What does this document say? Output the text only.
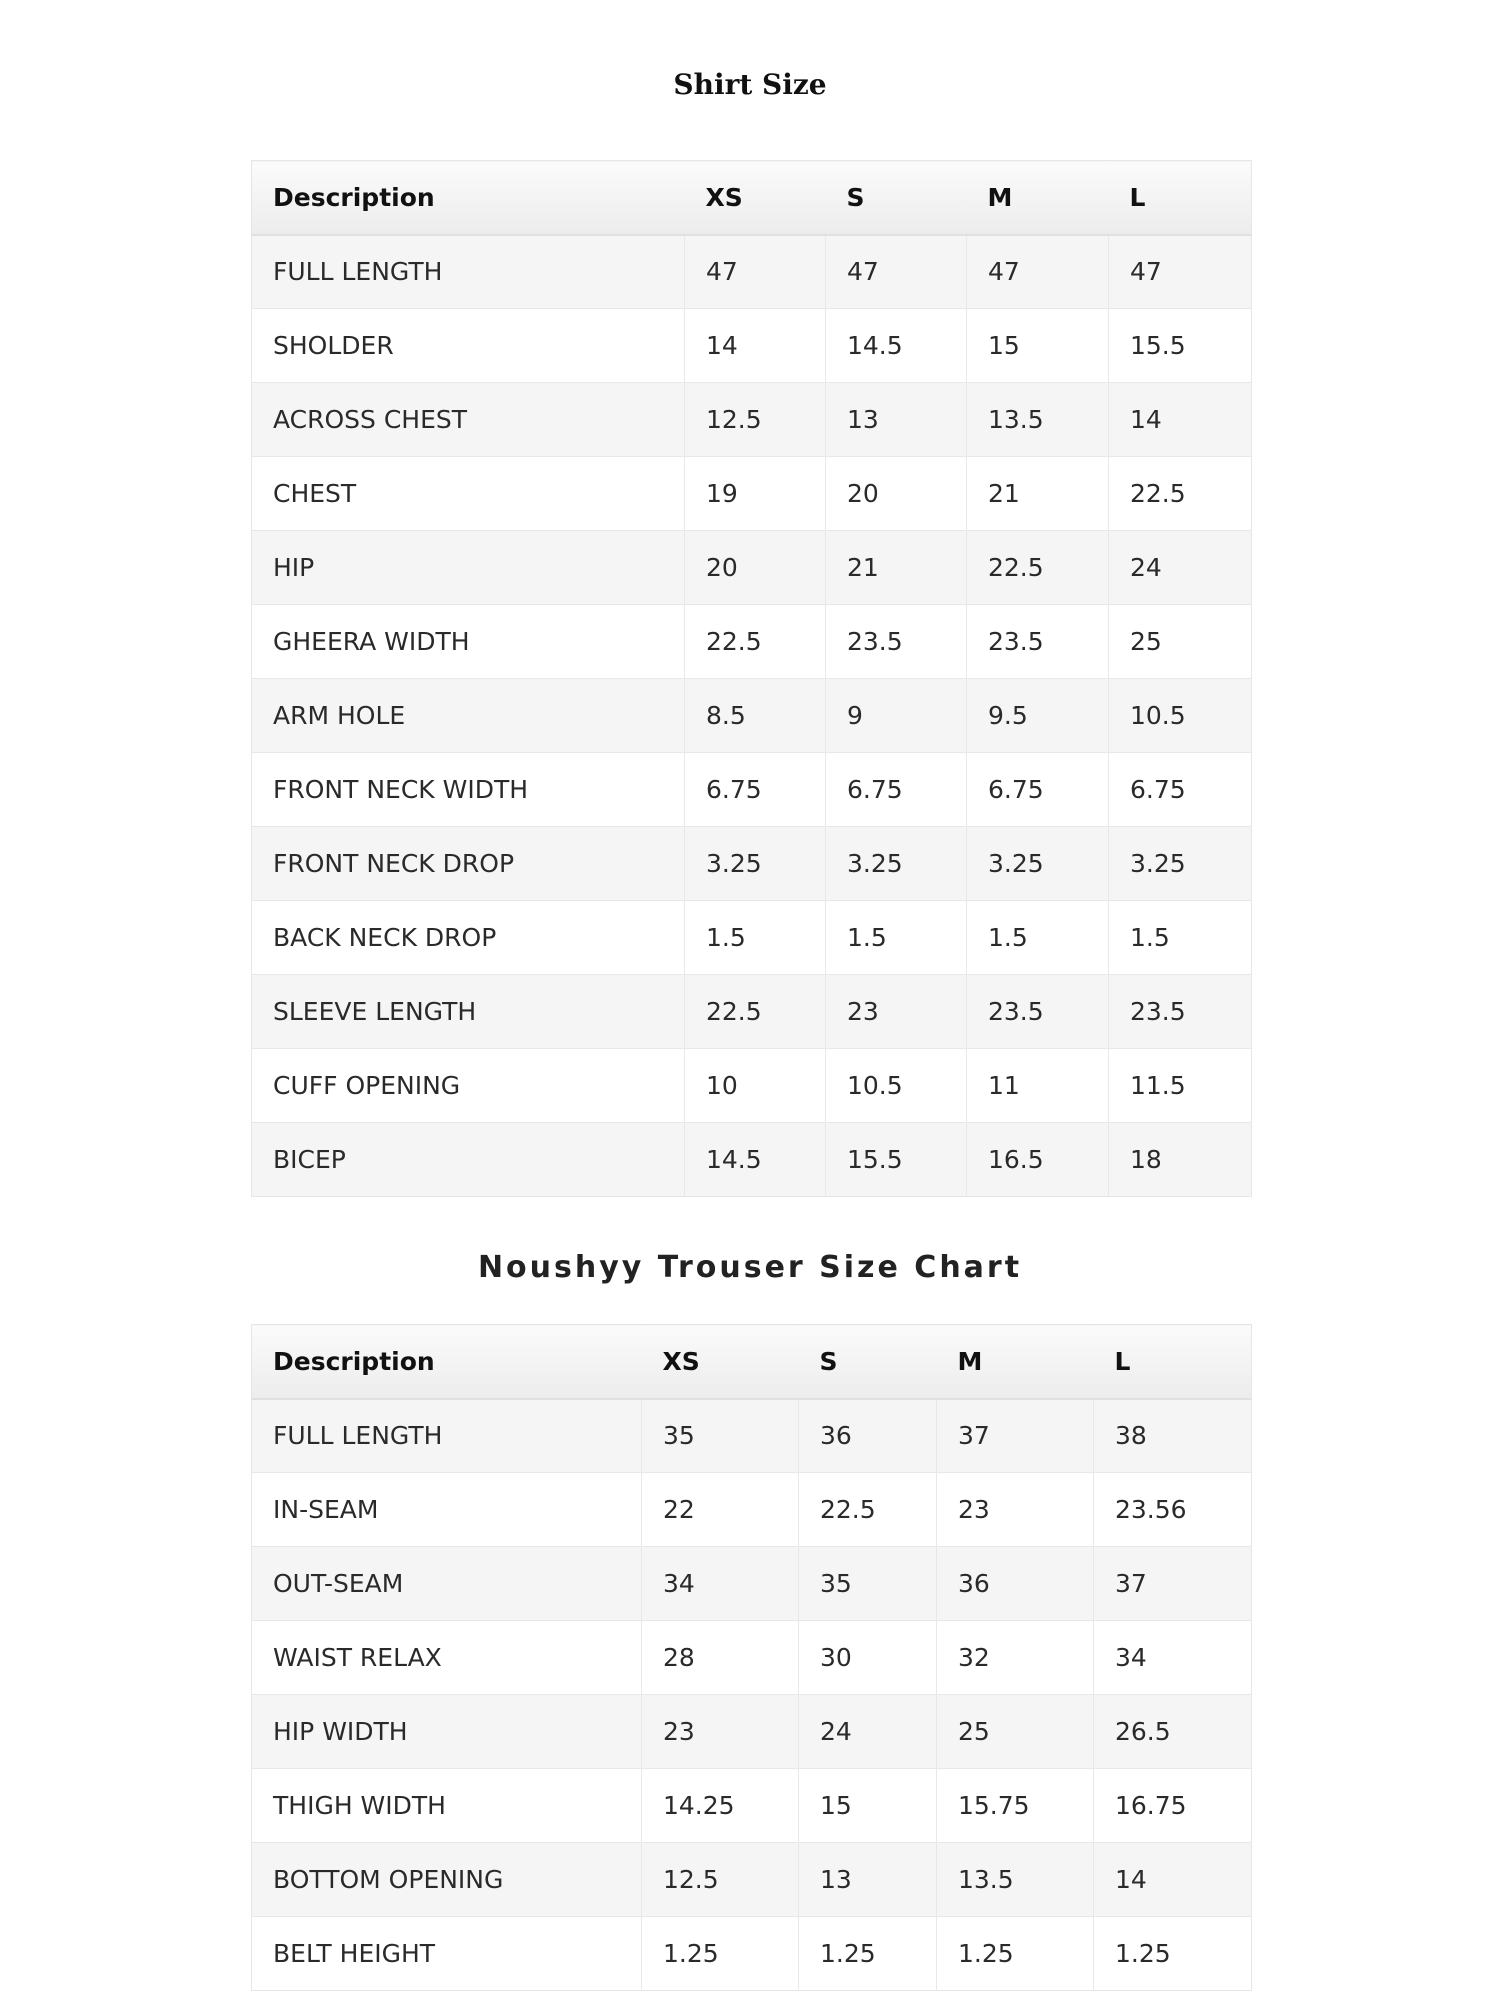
Shirt Size
Description	XS	S	M	L
FULL LENGTH	47	47	47	47
SHOLDER	14	14.5	15	15.5
ACROSS CHEST	12.5	13	13.5	14
CHEST	19	20	21	22.5
HIP	20	21	22.5	24
GHEERA WIDTH	22.5	23.5	23.5	25
ARM HOLE	8.5	9	9.5	10.5
FRONT NECK WIDTH	6.75	6.75	6.75	6.75
FRONT NECK DROP	3.25	3.25	3.25	3.25
BACK NECK DROP	1.5	1.5	1.5	1.5
SLEEVE LENGTH	22.5	23	23.5	23.5
CUFF OPENING	10	10.5	11	11.5
BICEP	14.5	15.5	16.5	18
Noushyy Trouser Size Chart
Description	XS	S	M	L
FULL LENGTH	35	36	37	38
IN-SEAM	22	22.5	23	23.56
OUT-SEAM	34	35	36	37
WAIST RELAX	28	30	32	34
HIP WIDTH	23	24	25	26.5
THIGH WIDTH	14.25	15	15.75	16.75
BOTTOM OPENING	12.5	13	13.5	14
BELT HEIGHT	1.25	1.25	1.25	1.25
